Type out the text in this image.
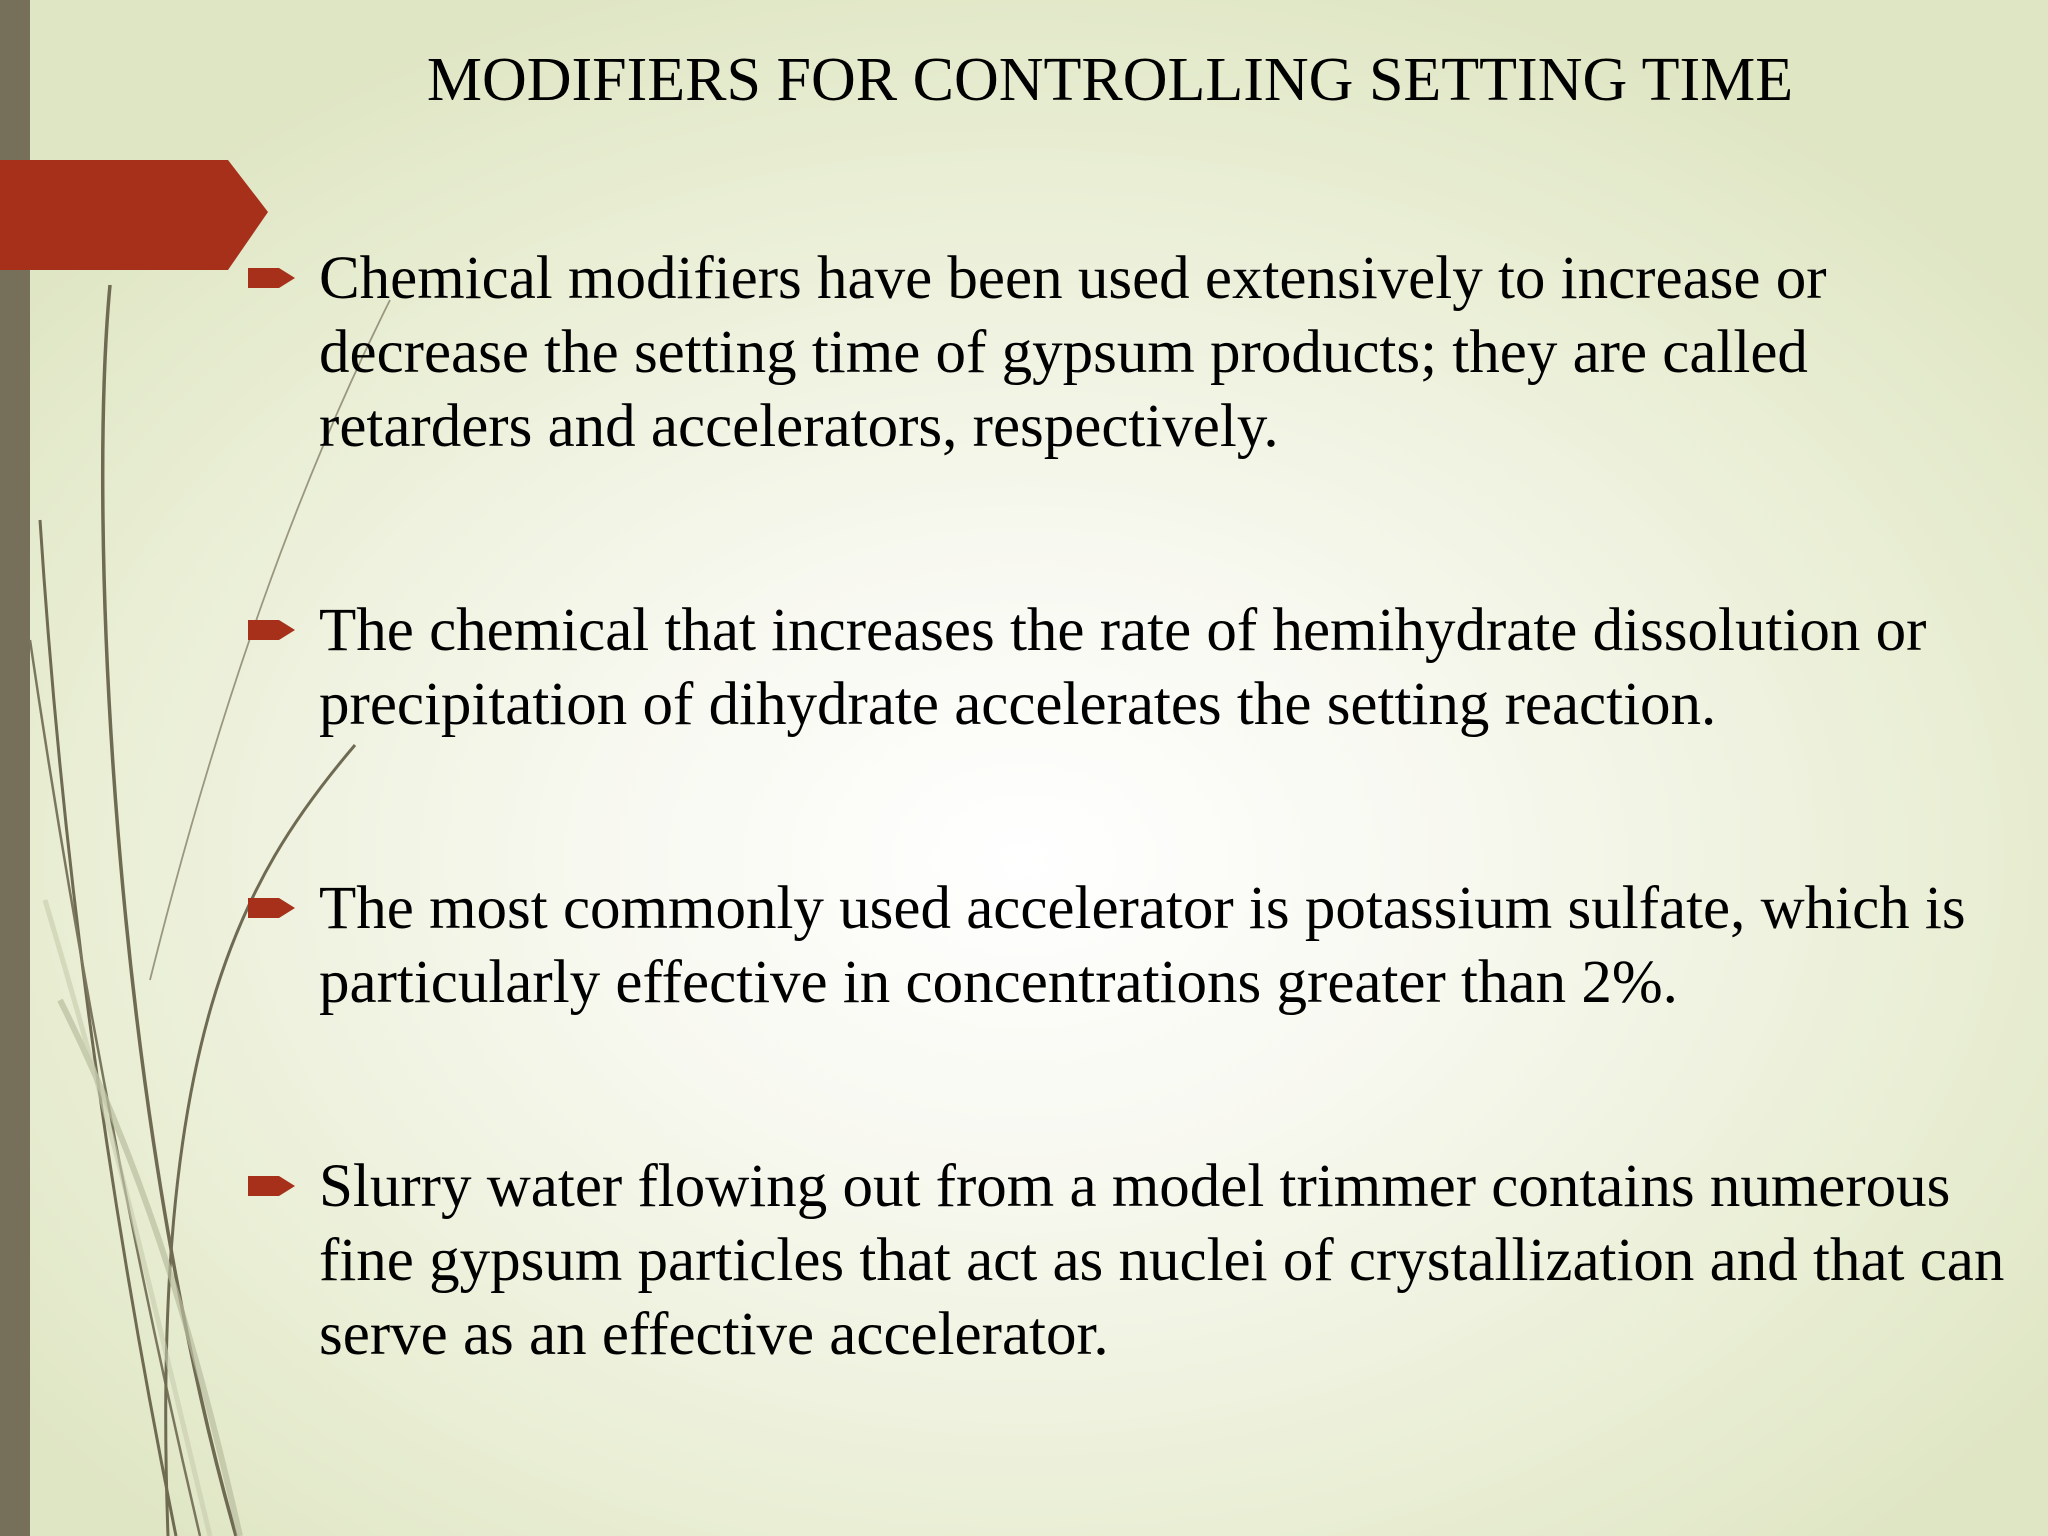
MODIFIERS FOR CONTROLLING SETTING TIME
Chemical modifiers have been used extensively to increase or decrease the setting time of gypsum products; they are called retarders and accelerators, respectively.
The chemical that increases the rate of hemihydrate dissolution or precipitation of dihydrate accelerates the setting reaction.
The most commonly used accelerator is potassium sulfate, which is particularly effective in concentrations greater than 2%.
Slurry water flowing out from a model trimmer contains numerous fine gypsum particles that act as nuclei of crystallization and that can serve as an effective accelerator.
